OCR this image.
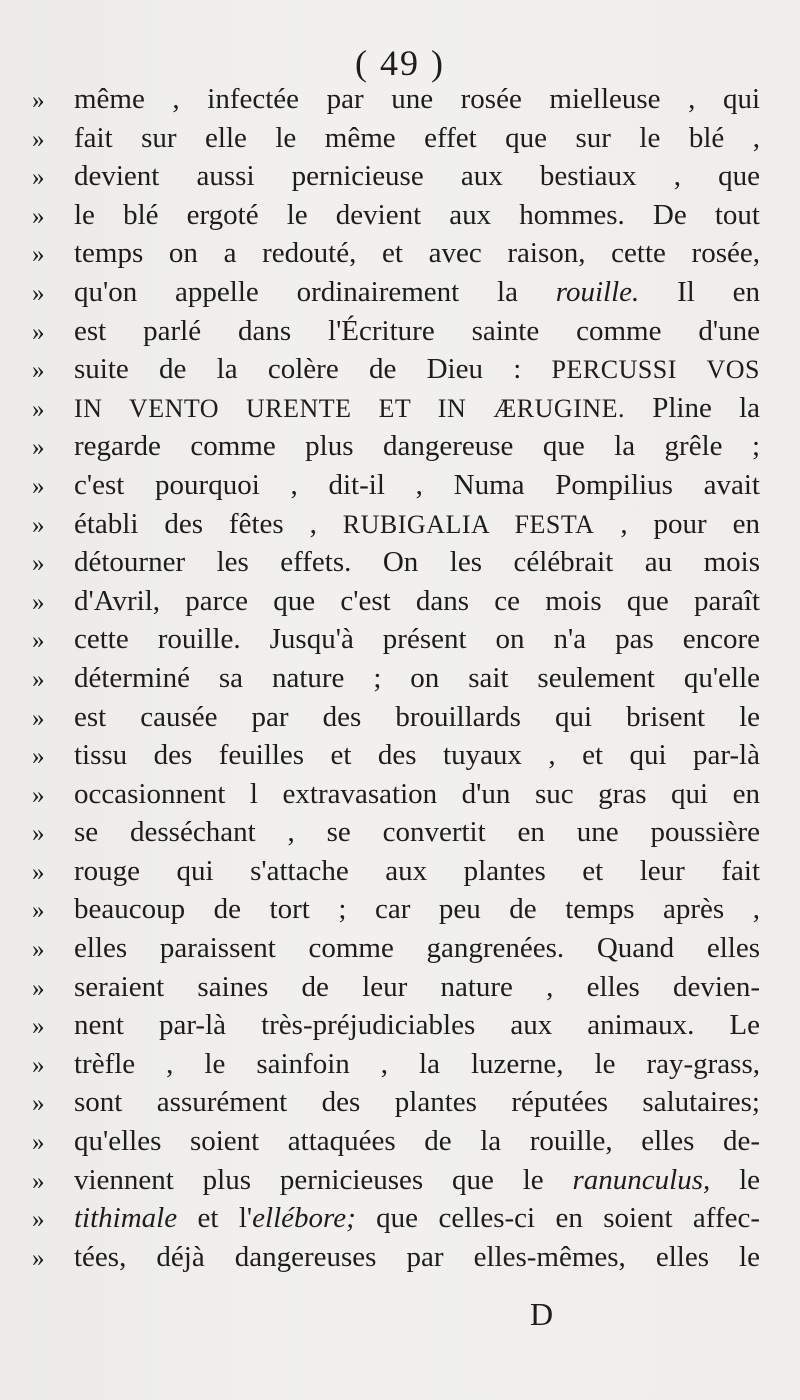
( 49 )
»	même , infectée par une rosée mielleuse , qui
»	fait sur elle le même effet que sur le blé ,
»	devient aussi pernicieuse aux bestiaux , que
»	le blé ergoté le devient aux hommes. De tout
»	temps on a redouté, et avec raison, cette rosée,
»	qu'on appelle ordinairement la rouille. Il en
»	est parlé dans l'Écriture sainte comme d'une
»	suite de la colère de Dieu : PERCUSSI VOS
»	IN VENTO URENTE ET IN ÆRUGINE. Pline la
»	regarde comme plus dangereuse que la grêle ;
»	c'est pourquoi , dit-il , Numa Pompilius avait
»	établi des fêtes , RUBIGALIA FESTA , pour en
»	détourner les effets. On les célébrait au mois
»	d'Avril, parce que c'est dans ce mois que paraît
»	cette rouille. Jusqu'à présent on n'a pas encore
»	déterminé sa nature ; on sait seulement qu'elle
»	est causée par des brouillards qui brisent le
»	tissu des feuilles et des tuyaux , et qui par-là
»	occasionnent l extravasation d'un suc gras qui en
»	se desséchant , se convertit en une poussière
»	rouge qui s'attache aux plantes et leur fait
»	beaucoup de tort ; car peu de temps après ,
»	elles paraissent comme gangrenées. Quand elles
»	seraient saines de leur nature , elles devien-
»	nent par-là très-préjudiciables aux animaux. Le
»	trèfle , le sainfoin , la luzerne, le ray-grass,
»	sont assurément des plantes réputées salutaires;
»	qu'elles soient attaquées de la rouille, elles de-
»	viennent plus pernicieuses que le ranunculus, le
»	tithimale et l'ellébore; que celles-ci en soient affec-
»	tées, déjà dangereuses par elles-mêmes, elles le
D
